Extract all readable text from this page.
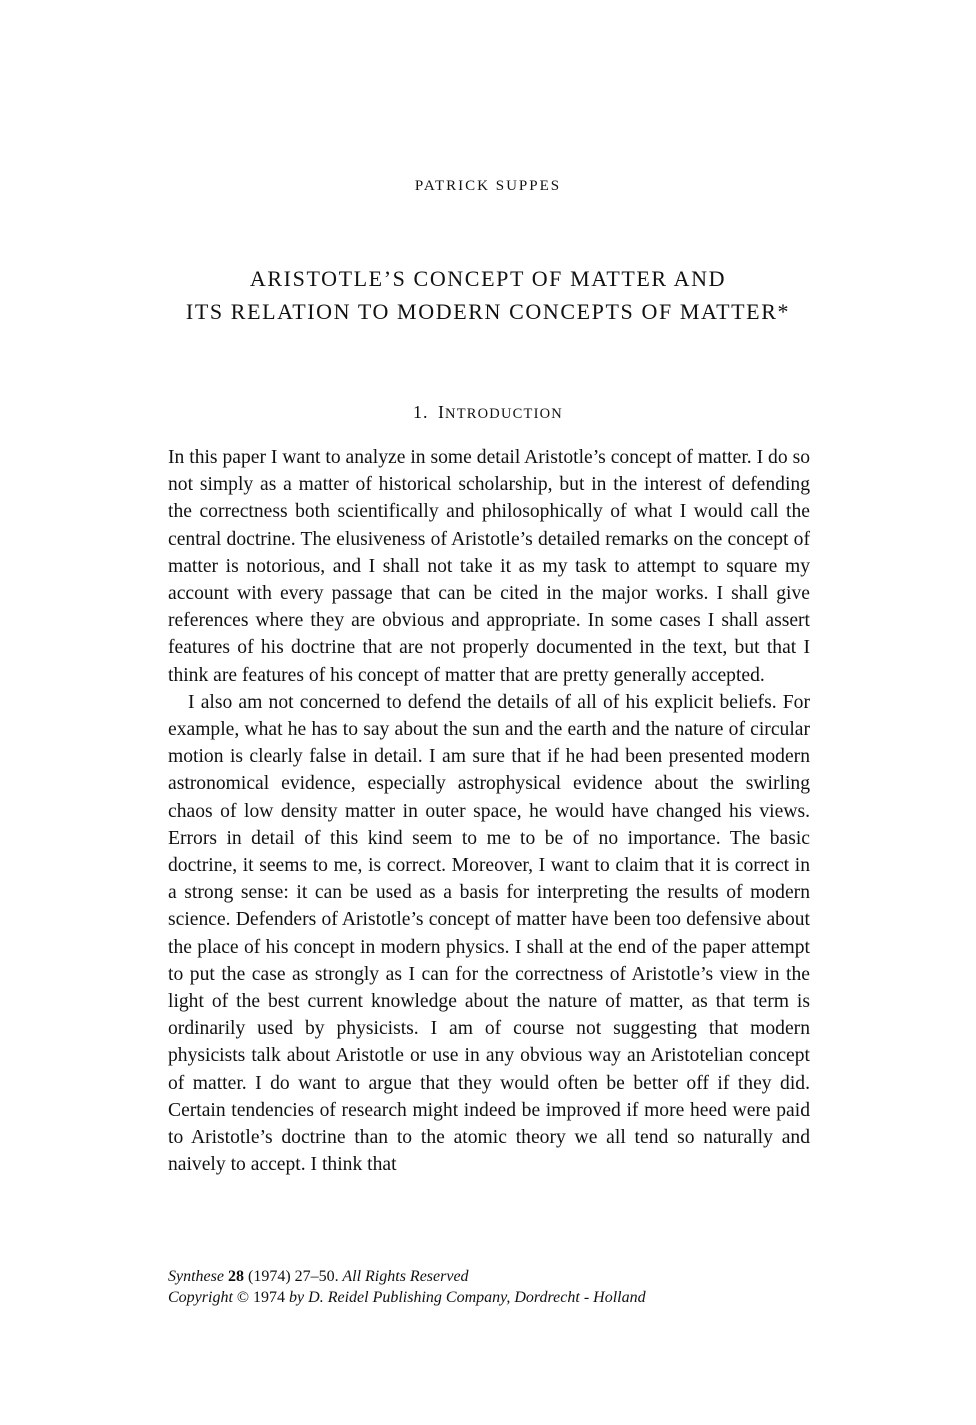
PATRICK SUPPES
ARISTOTLE’S CONCEPT OF MATTER AND
ITS RELATION TO MODERN CONCEPTS OF MATTER*
1. INTRODUCTION

In this paper I want to analyze in some detail Aristotle’s concept of matter. I do so not simply as a matter of historical scholarship, but in the interest of defending the correctness both scientifically and philosophically of what I would call the central doctrine. The elusiveness of Aristotle’s detailed remarks on the concept of matter is notorious, and I shall not take it as my task to attempt to square my account with every passage that can be cited in the major works. I shall give references where they are obvious and appropriate. In some cases I shall assert features of his doctrine that are not properly documented in the text, but that I think are features of his concept of matter that are pretty generally accepted.

I also am not concerned to defend the details of all of his explicit beliefs. For example, what he has to say about the sun and the earth and the nature of circular motion is clearly false in detail. I am sure that if he had been presented modern astronomical evidence, especially astrophysical evidence about the swirling chaos of low density matter in outer space, he would have changed his views. Errors in detail of this kind seem to me to be of no importance. The basic doctrine, it seems to me, is correct. Moreover, I want to claim that it is correct in a strong sense: it can be used as a basis for interpreting the results of modern science. Defenders of Aristotle’s concept of matter have been too defensive about the place of his concept in modern physics. I shall at the end of the paper attempt to put the case as strongly as I can for the correctness of Aristotle’s view in the light of the best current knowledge about the nature of matter, as that term is ordinarily used by physicists. I am of course not suggesting that modern physicists talk about Aristotle or use in any obvious way an Aristotelian concept of matter. I do want to argue that they would often be better off if they did. Certain tendencies of research might indeed be improved if more heed were paid to Aristotle’s doctrine than to the atomic theory we all tend so naturally and naively to accept. I think that

Synthese 28 (1974) 27–50. All Rights Reserved
Copyright © 1974 by D. Reidel Publishing Company, Dordrecht - Holland
